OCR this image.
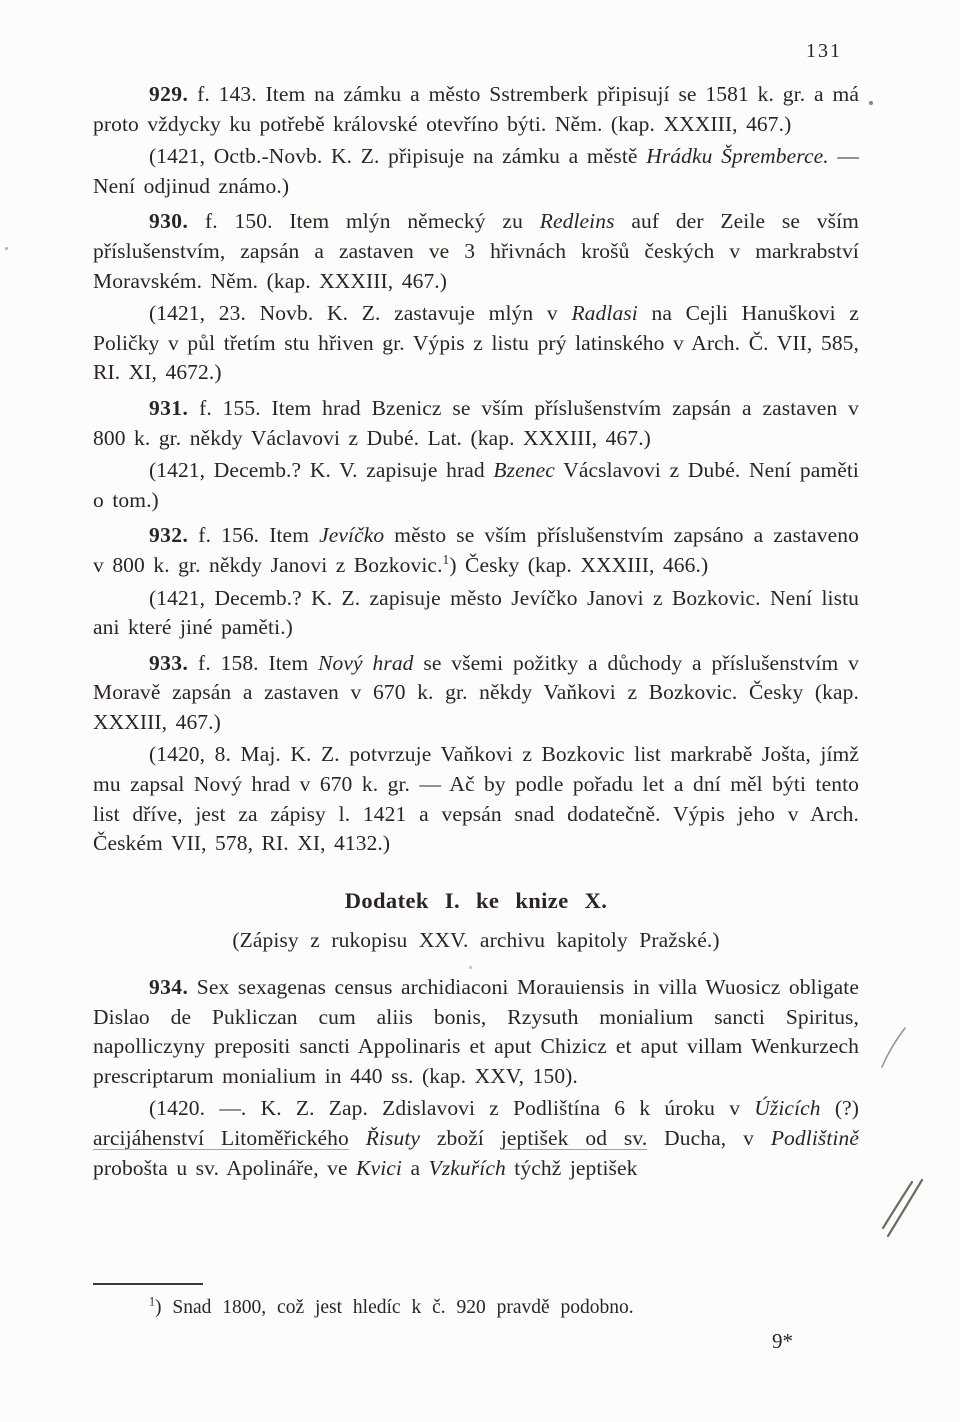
131

929. f. 143. Item na zámku a město Sstremberk připisují se 1581 k. gr. a má proto vždycky ku potřebě královské otevříno býti. Něm. (kap. XXXIII, 467.)

(1421, Octb.-Novb. K. Z. připisuje na zámku a městě Hrádku Špremberce. — Není odjinud známo.)

930. f. 150. Item mlýn německý zu Redleins auf der Zeile se vším příslušenstvím, zapsán a zastaven ve 3 hřivnách krošů českých v markrabství Moravském. Něm. (kap. XXXIII, 467.)

(1421, 23. Novb. K. Z. zastavuje mlýn v Radlasi na Cejli Hanuškovi z Poličky v půl třetím stu hřiven gr. Výpis z listu prý latinského v Arch. Č. VII, 585, RI. XI, 4672.)

931. f. 155. Item hrad Bzenicz se vším příslušenstvím zapsán a zastaven v 800 k. gr. někdy Václavovi z Dubé. Lat. (kap. XXXIII, 467.)

(1421, Decemb.? K. V. zapisuje hrad Bzenec Vácslavovi z Dubé. Není paměti o tom.)

932. f. 156. Item Jevíčko město se vším příslušenstvím zapsáno a zastaveno v 800 k. gr. někdy Janovi z Bozkovic.$^1$) Česky (kap. XXXIII, 466.)

(1421, Decemb.? K. Z. zapisuje město Jevíčko Janovi z Bozkovic. Není listu ani které jiné paměti.)

933. f. 158. Item Nový hrad se všemi požitky a důchody a příslušenstvím v Moravě zapsán a zastaven v 670 k. gr. někdy Vaňkovi z Bozkovic. Česky (kap. XXXIII, 467.)

(1420, 8. Maj. K. Z. potvrzuje Vaňkovi z Bozkovic list markrabě Jošta, jímž mu zapsal Nový hrad v 670 k. gr. — Ač by podle pořadu let a dní měl býti tento list dříve, jest za zápisy l. 1421 a vepsán snad dodatečně. Výpis jeho v Arch. Českém VII, 578, RI. XI, 4132.)

Dodatek I. ke knize X.

(Zápisy z rukopisu XXV. archivu kapitoly Pražské.)

934. Sex sexagenas census archidiaconi Morauiensis in villa Wuosicz obligate Dislao de Pukliczan cum aliis bonis, Rzysuth monialium sancti Spiritus, napolliczyny prepositi sancti Appolinaris et aput Chizicz et aput villam Wenkurzech prescriptarum monialium in 440 ss. (kap. XXV, 150).

(1420. —. K. Z. Zap. Zdislavovi z Podlištína 6 k úroku v Úžicích (?) arcijáhenství Litoměřického Řisuty zboží jeptišek od sv. Ducha, v Podlištině probošta u sv. Apolináře, ve Kvici a Vzkuřích týchž jeptišek

$^1$) Snad 1800, což jest hledíc k č. 920 pravdě podobno.

9*
